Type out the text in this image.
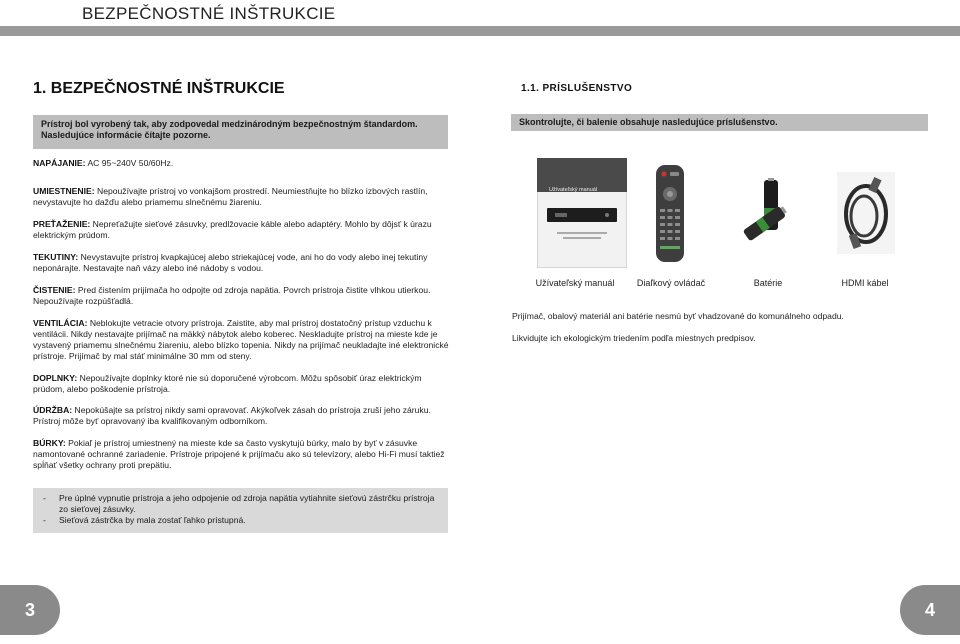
BEZPEČNOSTNÉ INŠTRUKCIE
1. BEZPEČNOSTNÉ INŠTRUKCIE
Prístroj bol vyrobený tak, aby zodpovedal medzinárodným bezpečnostným štandardom.
Nasledujúce informácie čítajte pozorne.
NAPÁJANIE: AC 95~240V 50/60Hz.
UMIESTNENIE: Nepoužívajte prístroj vo vonkajšom prostredí. Neumiestňujte ho blízko izbových rastlín, nevystavujte ho dažďu alebo priamemu slnečnému žiareniu.
PREŤAŽENIE: Nepreťažujte sieťové zásuvky, predlžovacie káble alebo adaptéry. Mohlo by dôjsť k úrazu elektrickým prúdom.
TEKUTINY: Nevystavujte prístroj kvapkajúcej alebo striekajúcej vode, ani ho do vody alebo inej tekutiny neponárajte. Nestavajte naň vázy alebo iné nádoby s vodou.
ČISTENIE: Pred čistením prijímača ho odpojte od zdroja napätia. Povrch prístroja čistite vlhkou utierkou. Nepoužívajte rozpúšťadlá.
VENTILÁCIA: Neblokujte vetracie otvory prístroja. Zaistite, aby mal prístroj dostatočný prístup vzduchu k ventilácii. Nikdy nestavajte prijímač na mäkký nábytok alebo koberec. Neskladujte prístroj na mieste kde je vystavený priamemu slnečnému žiareniu, alebo blízko topenia. Nikdy na prijímač neukladajte iné elektronické prístroje. Prijímač by mal stáť minimálne 30 mm od steny.
DOPLNKY: Nepoužívajte doplnky ktoré nie sú doporučené výrobcom. Môžu spôsobiť úraz elektrickým prúdom, alebo poškodenie prístroja.
ÚDRŽBA: Nepokúšajte sa prístroj nikdy sami opravovať. Akýkoľvek zásah do prístroja zruší jeho záruku. Prístroj môže byť opravovaný iba kvalifikovaným odborníkom.
BÚRKY: Pokiaľ je prístroj umiestnený na mieste kde sa často vyskytujú búrky, malo by byť v zásuvke namontované ochranné zariadenie. Prístroje pripojené k prijímaču ako sú televízory, alebo Hi-Fi musí taktiež spĺňať všetky ochrany proti prepätiu.
-	Pre úplné vypnutie prístroja a jeho odpojenie od zdroja napätia vytiahnite sieťovú zástrčku prístroja zo sieťovej zásuvky.
-	Sieťová zástrčka by mala zostať ľahko prístupná.
1.1. PRÍSLUŠENSTVO
Skontrolujte, či balenie obsahuje nasledujúce príslušenstvo.
Užívateľský manuál
Užívateľský manuál	Diaľkový ovládač	Batérie	HDMI kábel
Prijímač, obalový materiál ani batérie nesmú byť vhadzované do komunálneho odpadu.
Likvidujte ich ekologickým triedením podľa miestnych predpisov.
3	4
